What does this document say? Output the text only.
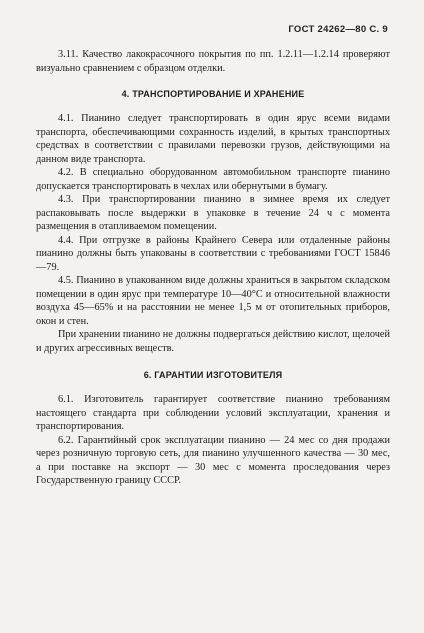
ГОСТ 24262—80 С. 9

3.11. Качество лакокрасочного покрытия по пп. 1.2.11—1.2.14 проверяют визуально сравнением с образцом отделки.

4. ТРАНСПОРТИРОВАНИЕ И ХРАНЕНИЕ

4.1. Пианино следует транспортировать в один ярус всеми видами транспорта, обеспечивающими сохранность изделий, в крытых транспортных средствах в соответствии с правилами перевозки грузов, действующими на данном виде транспорта.

4.2. В специально оборудованном автомобильном транспорте пианино допускается транспортировать в чехлах или обернутыми в бумагу.

4.3. При транспортировании пианино в зимнее время их следует распаковывать после выдержки в упаковке в течение 24 ч с момента размещения в отапливаемом помещении.

4.4. При отгрузке в районы Крайнего Севера или отдаленные районы пианино должны быть упакованы в соответствии с требованиями ГОСТ 15846—79.

4.5. Пианино в упакованном виде должны храниться в закрытом складском помещении в один ярус при температуре 10—40°С и относительной влажности воздуха 45—65% и на расстоянии не менее 1,5 м от отопительных приборов, окон и стен.

При хранении пианино не должны подвергаться действию кислот, щелочей и других агрессивных веществ.

6. ГАРАНТИИ ИЗГОТОВИТЕЛЯ

6.1. Изготовитель гарантирует соответствие пианино требованиям настоящего стандарта при соблюдении условий эксплуатации, хранения и транспортирования.

6.2. Гарантийный срок эксплуатации пианино — 24 мес со дня продажи через розничную торговую сеть, для пианино улучшенного качества — 30 мес, а при поставке на экспорт — 30 мес с момента проследования через Государственную границу СССР.
